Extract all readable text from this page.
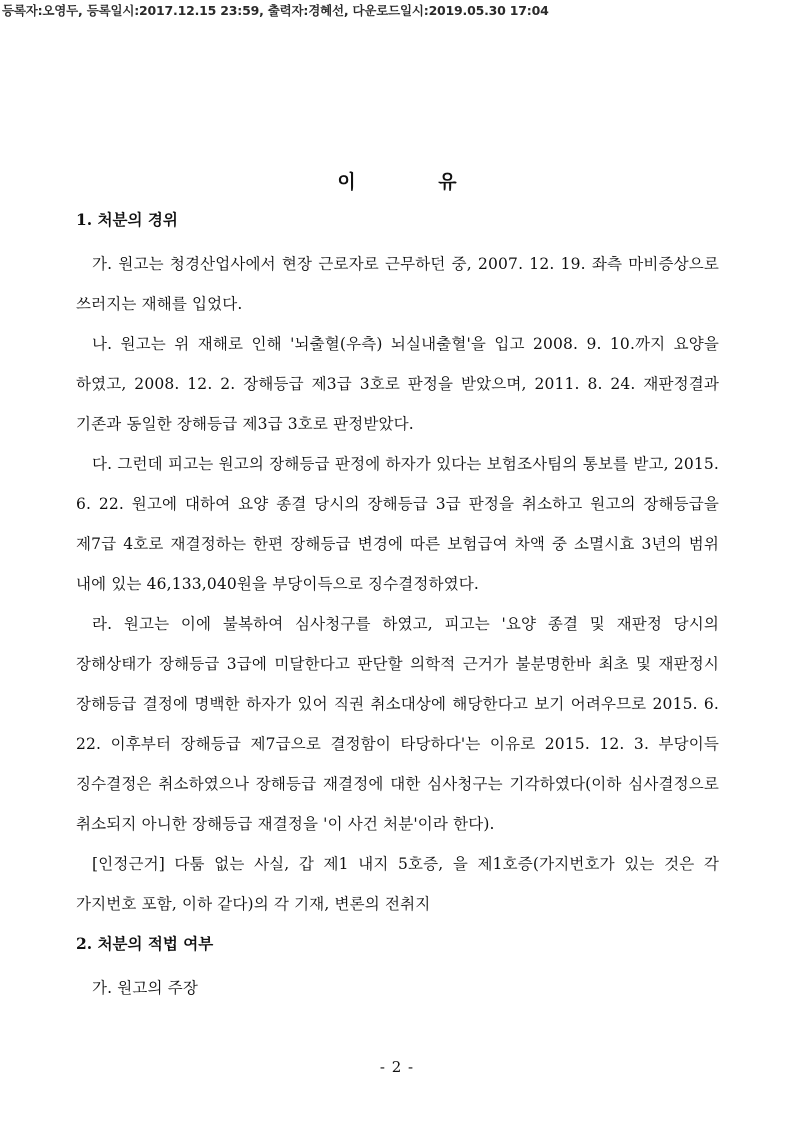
등록자:오영두, 등록일시:2017.12.15 23:59, 출력자:경혜선, 다운로드일시:2019.05.30 17:04
이 유
1. 처분의 경위

가. 원고는 청경산업사에서 현장 근로자로 근무하던 중, 2007. 12. 19. 좌측 마비증상으로 쓰러지는 재해를 입었다.

나. 원고는 위 재해로 인해 '뇌출혈(우측) 뇌실내출혈'을 입고 2008. 9. 10.까지 요양을 하였고, 2008. 12. 2. 장해등급 제3급 3호로 판정을 받았으며, 2011. 8. 24. 재판정결과 기존과 동일한 장해등급 제3급 3호로 판정받았다.

다. 그런데 피고는 원고의 장해등급 판정에 하자가 있다는 보험조사팀의 통보를 받고, 2015. 6. 22. 원고에 대하여 요양 종결 당시의 장해등급 3급 판정을 취소하고 원고의 장해등급을 제7급 4호로 재결정하는 한편 장해등급 변경에 따른 보험급여 차액 중 소멸시효 3년의 범위 내에 있는 46,133,040원을 부당이득으로 징수결정하였다.

라. 원고는 이에 불복하여 심사청구를 하였고, 피고는 '요양 종결 및 재판정 당시의 장해상태가 장해등급 3급에 미달한다고 판단할 의학적 근거가 불분명한바 최초 및 재판정시 장해등급 결정에 명백한 하자가 있어 직권 취소대상에 해당한다고 보기 어려우므로 2015. 6. 22. 이후부터 장해등급 제7급으로 결정함이 타당하다'는 이유로 2015. 12. 3. 부당이득 징수결정은 취소하였으나 장해등급 재결정에 대한 심사청구는 기각하였다(이하 심사결정으로 취소되지 아니한 장해등급 재결정을 '이 사건 처분'이라 한다).

[인정근거] 다툼 없는 사실, 갑 제1 내지 5호증, 을 제1호증(가지번호가 있는 것은 각 가지번호 포함, 이하 같다)의 각 기재, 변론의 전취지

2. 처분의 적법 여부

가. 원고의 주장

- 2 -
